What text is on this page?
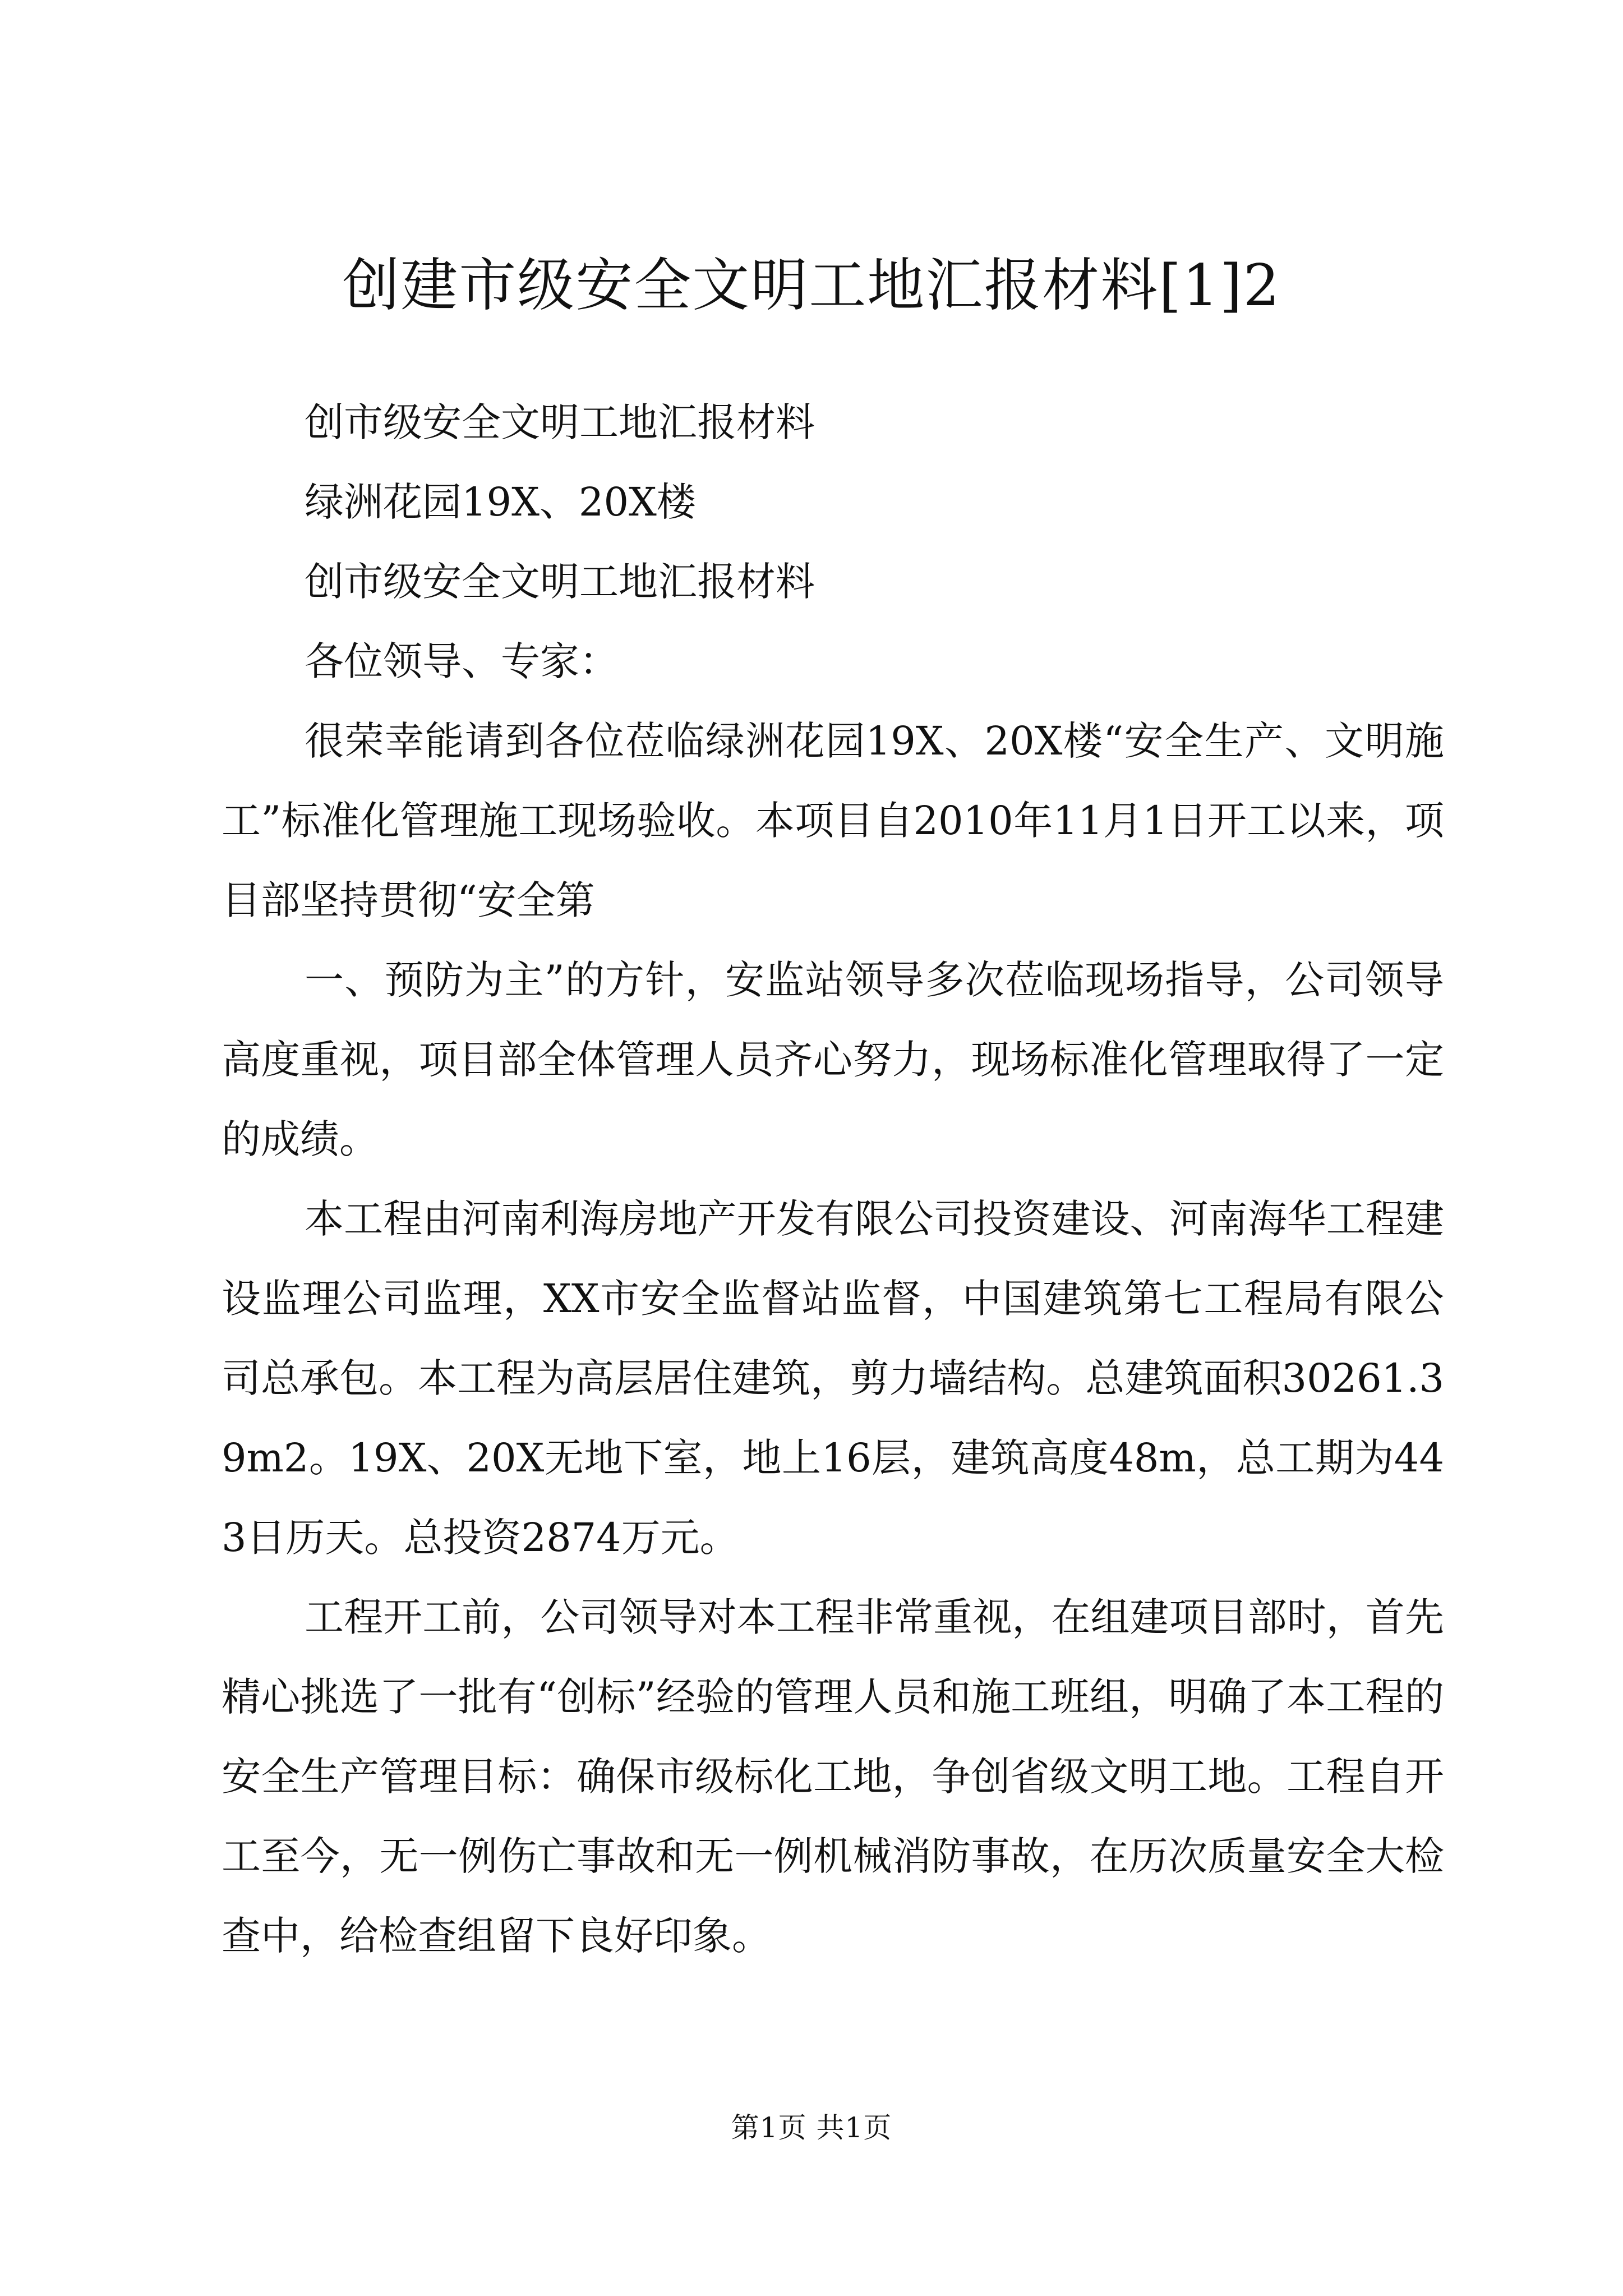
创建市级安全文明工地汇报材料[1]2

创市级安全文明工地汇报材料

绿洲花园19X、20X楼

创市级安全文明工地汇报材料

各位领导、专家：

很荣幸能请到各位莅临绿洲花园19X、20X楼“安全生产、文明施工”标准化管理施工现场验收。本项目自2010年11月1日开工以来，项目部坚持贯彻“安全第

一、预防为主”的方针，安监站领导多次莅临现场指导，公司领导高度重视，项目部全体管理人员齐心努力，现场标准化管理取得了一定的成绩。

本工程由河南利海房地产开发有限公司投资建设、河南海华工程建设监理公司监理，XX市安全监督站监督，中国建筑第七工程局有限公司总承包。本工程为高层居住建筑，剪力墙结构。总建筑面积30261.39m2。19X、20X无地下室，地上16层，建筑高度48m，总工期为443日历天。总投资2874万元。

工程开工前，公司领导对本工程非常重视，在组建项目部时，首先精心挑选了一批有“创标”经验的管理人员和施工班组，明确了本工程的安全生产管理目标：确保市级标化工地，争创省级文明工地。工程自开工至今，无一例伤亡事故和无一例机械消防事故，在历次质量安全大检查中，给检查组留下良好印象。

第1页 共1页
